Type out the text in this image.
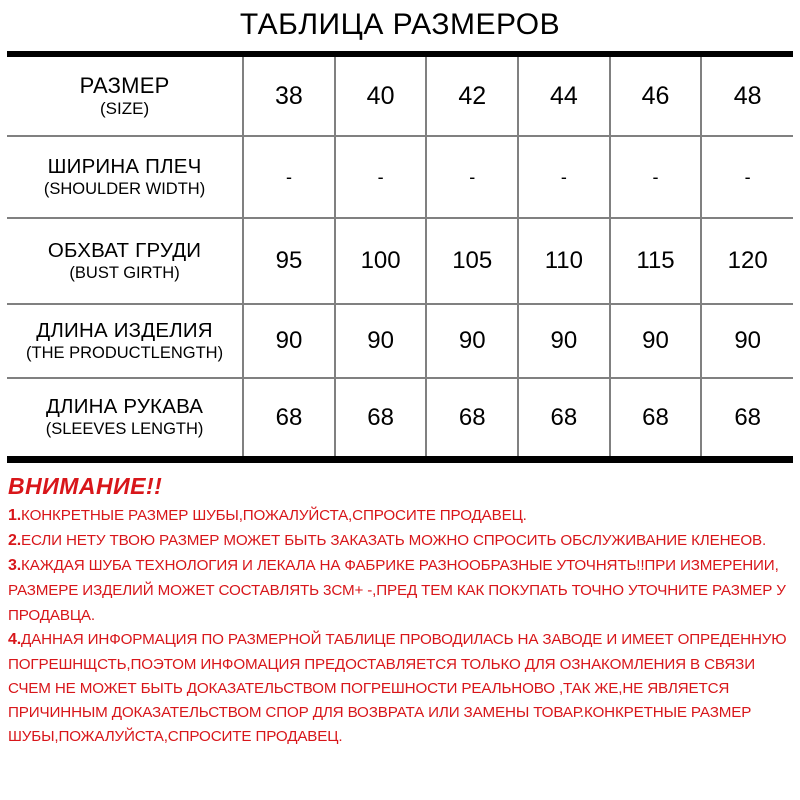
ТАБЛИЦА РАЗМЕРОВ
РАЗМЕР
(SIZE)	38	40	42	44	46	48

ШИРИНА ПЛЕЧ
(SHOULDER WIDTH)	-	-	-	-	-	-

ОБХВАТ ГРУДИ
(BUST GIRTH)	95	100	105	110	115	120

ДЛИНА ИЗДЕЛИЯ
(THE PRODUCTLENGTH)	90	90	90	90	90	90

ДЛИНА РУКАВА
(SLEEVES LENGTH)	68	68	68	68	68	68
ВНИМАНИЕ!!
1.КОНКРЕТНЫЕ РАЗМЕР ШУБЫ,ПОЖАЛУЙСТА,СПРОСИТЕ ПРОДАВЕЦ.
2.ЕСЛИ НЕТУ ТВОЮ РАЗМЕР МОЖЕТ БЫТЬ ЗАКАЗАТЬ МОЖНО СПРОСИТЬ ОБСЛУЖИВАНИЕ КЛЕНЕОВ.
3.КАЖДАЯ ШУБА ТЕХНОЛОГИЯ И ЛЕКАЛА НА ФАБРИКЕ РАЗНООБРАЗНЫЕ УТОЧНЯТЬ!!ПРИ ИЗМЕРЕНИИ,
РАЗМЕРЕ ИЗДЕЛИЙ МОЖЕТ СОСТАВЛЯТЬ 3СМ+ -,ПРЕД ТЕМ КАК ПОКУПАТЬ ТОЧНО УТОЧНИТЕ РАЗМЕР У
ПРОДАВЦА.
4.ДАННАЯ ИНФОРМАЦИЯ ПО РАЗМЕРНОЙ ТАБЛИЦЕ ПРОВОДИЛАСЬ НА ЗАВОДЕ И ИМЕЕТ ОПРЕДЕННУЮ
ПОГРЕШНЩСТЬ,ПОЭТОМ ИНФОМАЦИЯ ПРЕДОСТАВЛЯЕТСЯ ТОЛЬКО ДЛЯ ОЗНАКОМЛЕНИЯ В СВЯЗИ
СЧЕМ НЕ МОЖЕТ БЫТЬ ДОКАЗАТЕЛЬСТВОМ ПОГРЕШНОСТИ РЕАЛЬНОВО ,ТАК ЖЕ,НЕ ЯВЛЯЕТСЯ
ПРИЧИННЫМ ДОКАЗАТЕЛЬСТВОМ СПОР ДЛЯ ВОЗВРАТА ИЛИ ЗАМЕНЫ ТОВАР.КОНКРЕТНЫЕ РАЗМЕР
ШУБЫ,ПОЖАЛУЙСТА,СПРОСИТЕ ПРОДАВЕЦ.
